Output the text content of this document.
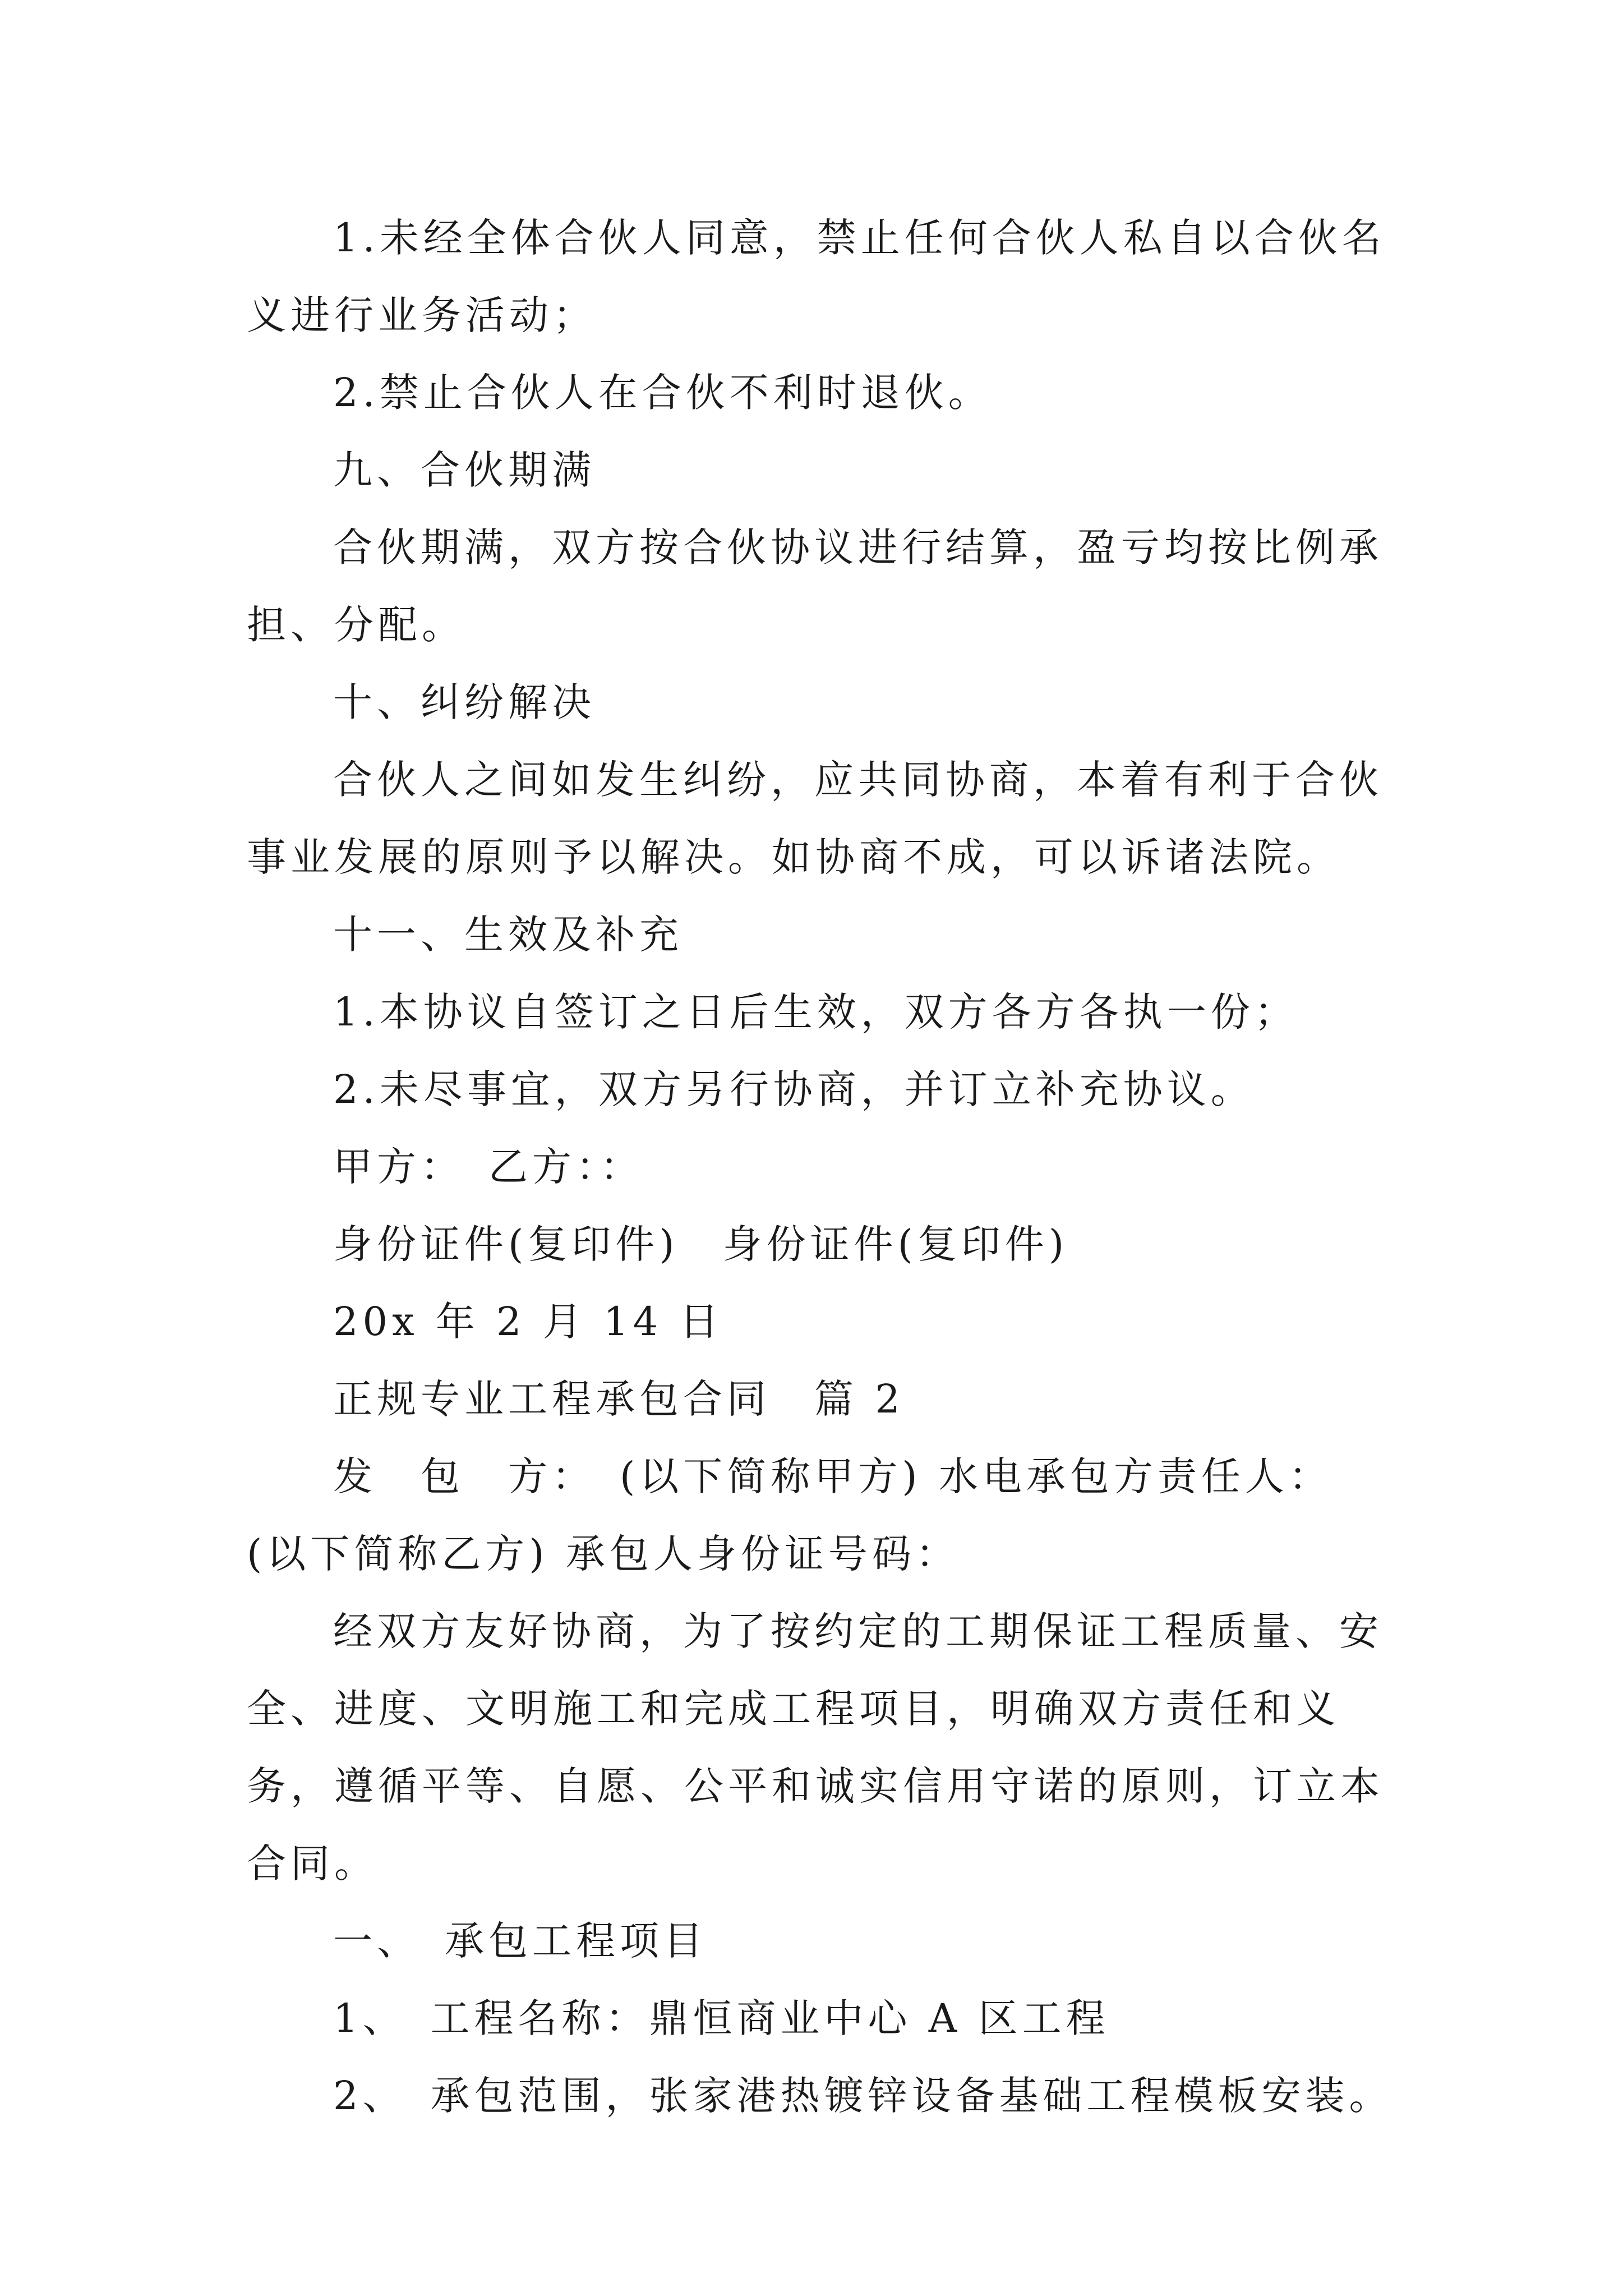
1.未经全体合伙人同意，禁止任何合伙人私自以合伙名义进行业务活动；

2.禁止合伙人在合伙不利时退伙。

九、合伙期满

合伙期满，双方按合伙协议进行结算，盈亏均按比例承担、分配。

十、纠纷解决

合伙人之间如发生纠纷，应共同协商，本着有利于合伙事业发展的原则予以解决。如协商不成，可以诉诸法院。

十一、生效及补充

1.本协议自签订之日后生效，双方各方各执一份；

2.未尽事宜，双方另行协商，并订立补充协议。

甲方：　乙方：：

身份证件(复印件)　身份证件(复印件)

20x 年 2 月 14 日

正规专业工程承包合同　篇 2

发　包　方：　(以下简称甲方) 水电承包方责任人：　(以下简称乙方) 承包人身份证号码：

经双方友好协商，为了按约定的工期保证工程质量、安全、进度、文明施工和完成工程项目，明确双方责任和义务，遵循平等、自愿、公平和诚实信用守诺的原则，订立本合同。

一、　承包工程项目

1、　工程名称：鼎恒商业中心 A 区工程

2、　承包范围，张家港热镀锌设备基础工程模板安装。
